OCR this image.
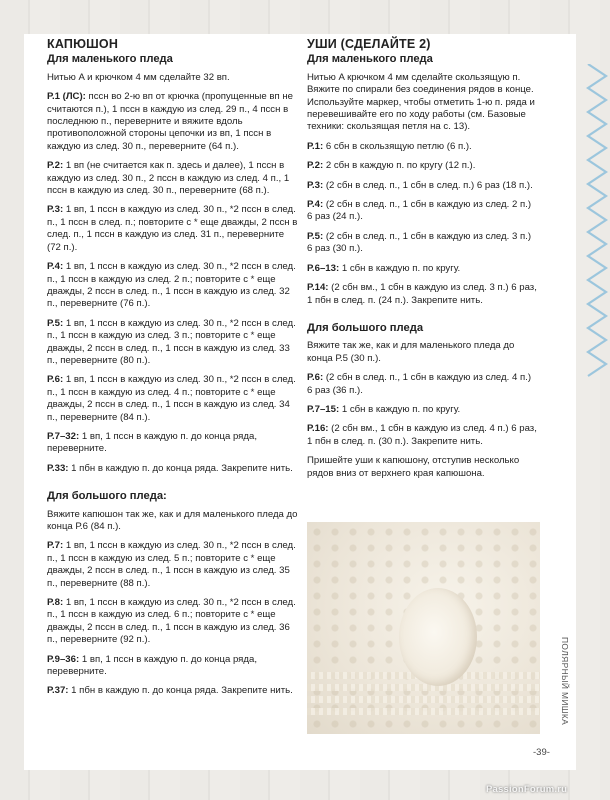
КАПЮШОН
Для маленького пледа

Нитью A и крючком 4 мм сделайте 32 вп.

Р.1 (ЛС): пссн во 2-ю вп от крючка (пропущенные вп не считаются п.), 1 пссн в каждую из след. 29 п., 4 пссн в последнюю п., переверните и вяжите вдоль противоположной стороны цепочки из вп, 1 пссн в каждую из след. 30 п., переверните (64 п.).

Р.2: 1 вп (не считается как п. здесь и далее), 1 пссн в каждую из след. 30 п., 2 пссн в каждую из след. 4 п., 1 пссн в каждую из след. 30 п., переверните (68 п.).

Р.3: 1 вп, 1 пссн в каждую из след. 30 п., *2 пссн в след. п., 1 пссн в след. п.; повторите с * еще дважды, 2 пссн в след. п., 1 пссн в каждую из след. 31 п., переверните (72 п.).

Р.4: 1 вп, 1 пссн в каждую из след. 30 п., *2 пссн в след. п., 1 пссн в каждую из след. 2 п.; повторите с * еще дважды, 2 пссн в след. п., 1 пссн в каждую из след. 32 п., переверните (76 п.).

Р.5: 1 вп, 1 пссн в каждую из след. 30 п., *2 пссн в след. п., 1 пссн в каждую из след. 3 п.; повторите с * еще дважды, 2 пссн в след. п., 1 пссн в каждую из след. 33 п., переверните (80 п.).

Р.6: 1 вп, 1 пссн в каждую из след. 30 п., *2 пссн в след. п., 1 пссн в каждую из след. 4 п.; повторите с * еще дважды, 2 пссн в след. п., 1 пссн в каждую из след. 34 п., переверните (84 п.).

Р.7–32: 1 вп, 1 пссн в каждую п. до конца ряда, переверните.

Р.33: 1 пбн в каждую п. до конца ряда. Закрепите нить.

Для большого пледа:

Вяжите капюшон так же, как и для маленького пледа до конца Р.6 (84 п.).

Р.7: 1 вп, 1 пссн в каждую из след. 30 п., *2 пссн в след. п., 1 пссн в каждую из след. 5 п.; повторите с * еще дважды, 2 пссн в след. п., 1 пссн в каждую из след. 35 п., переверните (88 п.).

Р.8: 1 вп, 1 пссн в каждую из след. 30 п., *2 пссн в след. п., 1 пссн в каждую из след. 6 п.; повторите с * еще дважды, 2 пссн в след. п., 1 пссн в каждую из след. 36 п., переверните (92 п.).

Р.9–36: 1 вп, 1 пссн в каждую п. до конца ряда, переверните.

Р.37: 1 пбн в каждую п. до конца ряда. Закрепите нить.

УШИ (СДЕЛАЙТЕ 2)
Для маленького пледа

Нитью A крючком 4 мм сделайте скользящую п. Вяжите по спирали без соединения рядов в конце. Используйте маркер, чтобы отметить 1-ю п. ряда и перевешивайте его по ходу работы (см. Базовые техники: скользящая петля на с. 13).

Р.1: 6 сбн в скользящую петлю (6 п.).

Р.2: 2 сбн в каждую п. по кругу (12 п.).

Р.3: (2 сбн в след. п., 1 сбн в след. п.) 6 раз (18 п.).

Р.4: (2 сбн в след. п., 1 сбн в каждую из след. 2 п.) 6 раз (24 п.).

Р.5: (2 сбн в след. п., 1 сбн в каждую из след. 3 п.) 6 раз (30 п.).

Р.6–13: 1 сбн в каждую п. по кругу.

Р.14: (2 сбн вм., 1 сбн в каждую из след. 3 п.) 6 раз, 1 пбн в след. п. (24 п.). Закрепите нить.

Для большого пледа

Вяжите так же, как и для маленького пледа до конца Р.5 (30 п.).

Р.6: (2 сбн в след. п., 1 сбн в каждую из след. 4 п.) 6 раз (36 п.).

Р.7–15: 1 сбн в каждую п. по кругу.

Р.16: (2 сбн вм., 1 сбн в каждую из след. 4 п.) 6 раз, 1 пбн в след. п. (30 п.). Закрепите нить.

Пришейте уши к капюшону, отступив несколько рядов вниз от верхнего края капюшона.

ПОЛЯРНЫЙ МИШКА
-39-
PassionForum.ru
